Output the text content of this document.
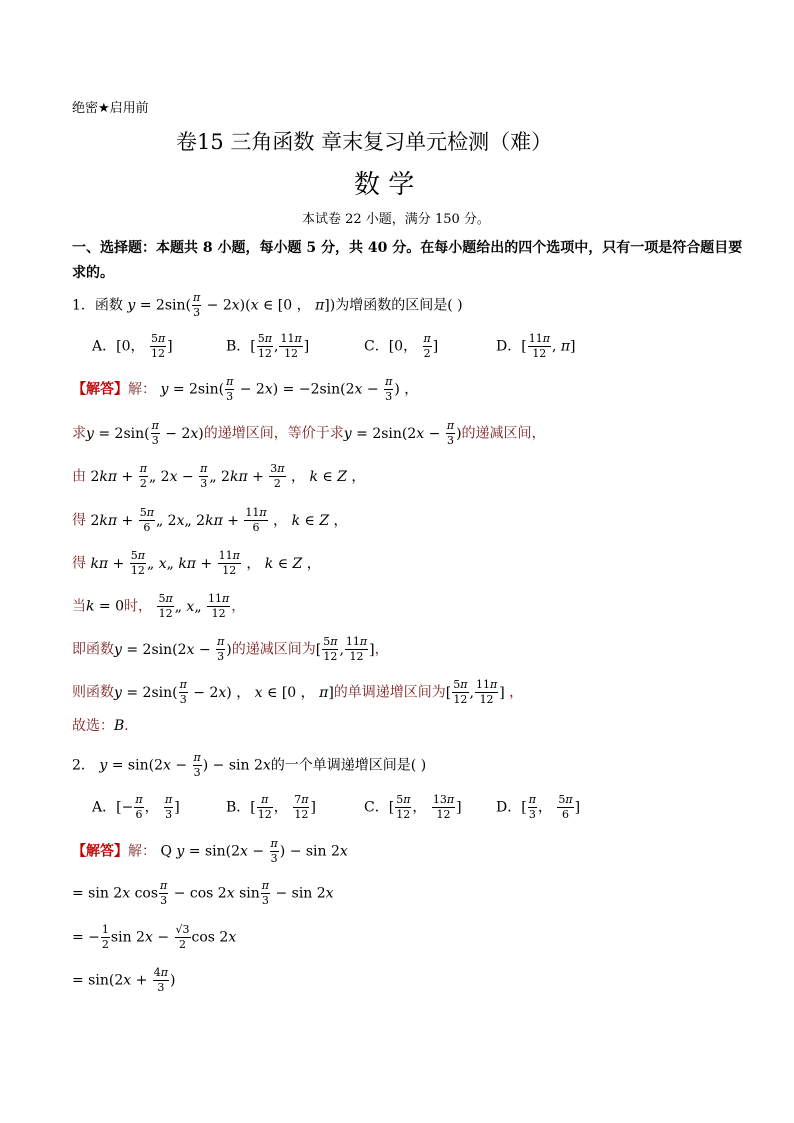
绝密★启用前
卷15 三角函数 章末复习单元检测（难）
数 学
本试卷 22 小题，满分 150 分。
一、选择题：本题共 8 小题，每小题 5 分，共 40 分。在每小题给出的四个选项中，只有一项是符合题目要
求的。
1．函数 $y = 2\sin( \frac{\pi}{3} - 2x)(x$ ∈ [0 ， π])为增函数的区间是( )
A．[0， $\frac{5\pi}{12}$ ]	B．[ $\frac{5\pi}{12}$ , $\frac{11\pi}{12}$ ]	C．[0， $\frac{\pi}{2}$ ]	D．[ $\frac{11\pi}{12}$ , π]
【解答】解： $y = 2\sin( \frac{\pi}{3} - 2x) = -2\sin(2x - \frac{\pi}{3}$ ) ，
求$y = 2\sin( \frac{\pi}{3} - 2x)$的递增区间，等价于求$y = 2\sin(2x - \frac{\pi}{3}$ )的递减区间，
由 $2k\pi + \frac{\pi}{2}$ „ $2x - \frac{\pi}{3}$ „ $2k\pi + \frac{3\pi}{2}$ ， k ∈ Z ，
得 $2k\pi + \frac{5\pi}{6}$ „ 2x„ $2k\pi + \frac{11\pi}{6}$ ， k ∈ Z ，
得 $k\pi + \frac{5\pi}{12}$ „ x„ $k\pi + \frac{11\pi}{12}$ ， k ∈ Z ，
当k = 0时， $\frac{5\pi}{12}$ „ x„ $\frac{11\pi}{12}$ ，
即函数$y = 2\sin(2x - \frac{\pi}{3}$ )的递减区间为[ $\frac{5\pi}{12}$ , $\frac{11\pi}{12}$ ]，
则函数$y = 2\sin( \frac{\pi}{3} - 2x)$ ， x ∈ [0 ， π]的单调递增区间为[ $\frac{5\pi}{12}$ , $\frac{11\pi}{12}$ ] ，
故选：B．
2． $y = \sin(2x - \frac{\pi}{3}$ ) − sin 2x的一个单调递增区间是( )
A．[− $\frac{\pi}{6}$ ， $\frac{\pi}{3}$ ]	B．[ $\frac{\pi}{12}$ ， $\frac{7\pi}{12}$ ]	C．[ $\frac{5\pi}{12}$ ， $\frac{13\pi}{12}$ ] D．[ $\frac{\pi}{3}$ ， $\frac{5\pi}{6}$ ]
【解答】解： Q $y = \sin(2x - \frac{\pi}{3}$ ) − sin 2x
= sin 2x $\cos \frac{\pi}{3} - \cos 2x$ $\sin \frac{\pi}{3} - \sin 2x$
= − $\frac{1}{2}$ $\sin 2x - \frac{√3}{2}$ cos 2x
= $\sin(2x + \frac{4\pi}{3}$ )
